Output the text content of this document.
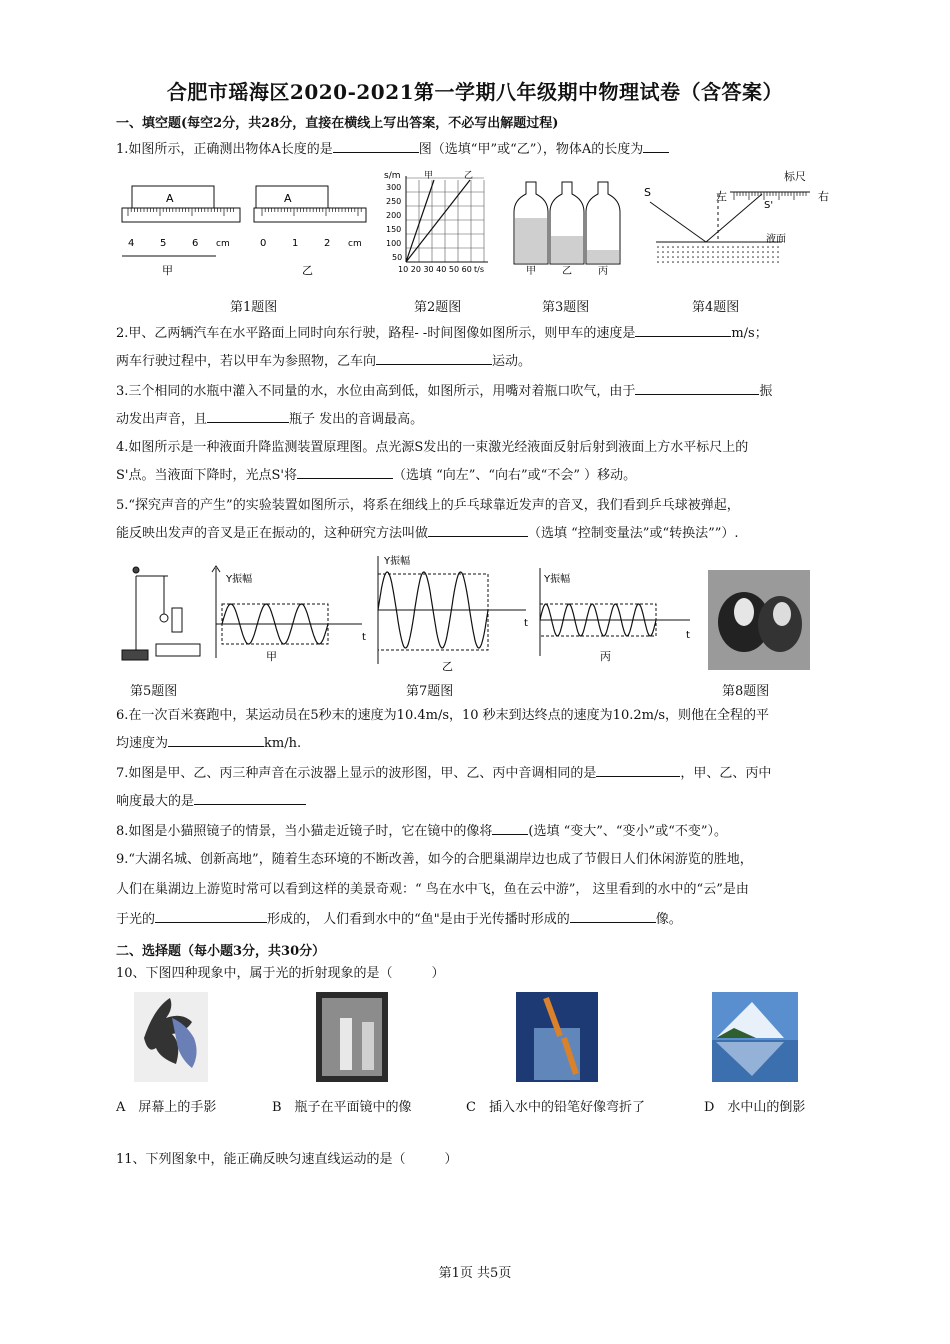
合肥市瑶海区2020-2021第一学期八年级期中物理试卷（含答案）
一、填空题(每空2分，共28分，直接在横线上写出答案，不必写出解题过程)
1.如图所示，正确测出物体A长度的是	图（选填“甲”或“乙”），物体A的长度为
A
4	5	6 cm
甲
A
0	1	2 cm
乙
s/m	甲	乙
300
250
200
150
100
50
10 20 30 40 50 60 t/s	甲	乙	丙
S	左
标尺
右
S'
液面
第1题图	第2题图	第3题图	第4题图
2.甲、乙两辆汽车在水平路面上同时向东行驶，路程- -时间图像如图所示，则甲车的速度是	m/s；
两车行驶过程中，若以甲车为参照物，乙车向	运动。
3.三个相同的水瓶中灌入不同量的水，水位由高到低，如图所示，用嘴对着瓶口吹气，由于	振
动发出声音，且	瓶子 发出的音调最高。
4.如图所示是一种液面升降监测装置原理图。点光源S发出的一束激光经液面反射后射到液面上方水平标尺上的
S'点。当液面下降时，光点S'将	（选填 “向左”、“向右”或“不会” ）移动。
5.“探究声音的产生”的实验装置如图所示，将系在细线上的乒乓球靠近发声的音叉，我们看到乒乓球被弹起，
能反映出发声的音叉是正在振动的，这种研究方法叫做	（选填 “控制变量法”或“转换法””）.
Y振幅
t
甲
Y振幅
t
乙
Y振幅
t
丙
第5题图	第7题图	第8题图
6.在一次百米赛跑中，某运动员在5秒末的速度为10.4m/s，10 秒末到达终点的速度为10.2m/s，则他在全程的平
均速度为	km/h.
7.如图是甲、乙、丙三种声音在示波器上显示的波形图，甲、乙、丙中音调相同的是	，甲、乙、丙中
响度最大的是
8.如图是小猫照镜子的情景，当小猫走近镜子时，它在镜中的像将	(选填 “变大”、“变小”或“不变”）。
9.“大湖名城、创新高地”，随着生态环境的不断改善，如今的合肥巢湖岸边也成了节假日人们休闲游览的胜地，
人们在巢湖边上游览时常可以看到这样的美景奇观：“ 鸟在水中飞，鱼在云中游”， 这里看到的水中的“云”是由
于光的	形成的， 人们看到水中的“鱼"是由于光传播时形成的	像。
二、选择题（每小题3分，共30分）
10、下图四种现象中，属于光的折射现象的是（　　　）
A　屏幕上的手影	B　瓶子在平面镜中的像	C　插入水中的铅笔好像弯折了	D　水中山的倒影
11、下列图象中，能正确反映匀速直线运动的是（　　　）
第1页 共5页
